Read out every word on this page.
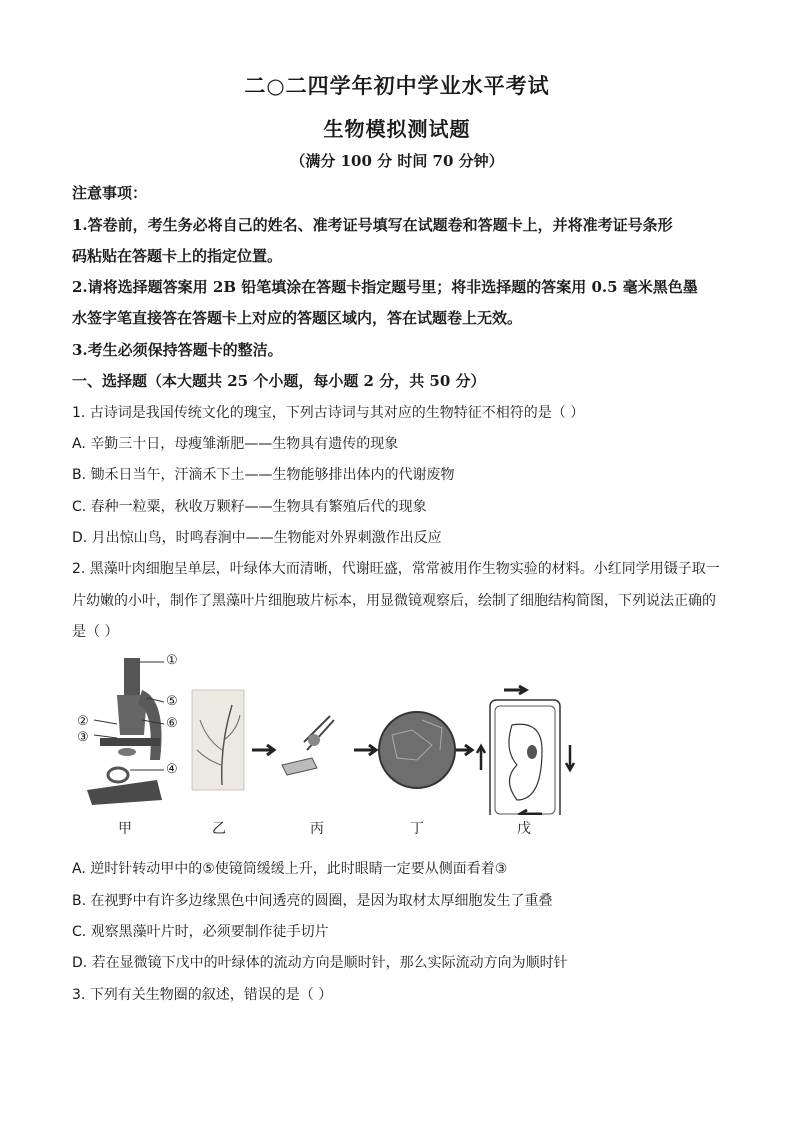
二○二四学年初中学业水平考试
生物模拟测试题
（满分 100 分 时间 70 分钟）
注意事项：
1.答卷前，考生务必将自己的姓名、准考证号填写在试题卷和答题卡上，并将准考证号条形
码粘贴在答题卡上的指定位置。
2.请将选择题答案用 2B 铅笔填涂在答题卡指定题号里；将非选择题的答案用 0.5 毫米黑色墨
水签字笔直接答在答题卡上对应的答题区域内，答在试题卷上无效。
3.考生必须保持答题卡的整洁。
一、选择题（本大题共 25 个小题，每小题 2 分，共 50 分）
1. 古诗词是我国传统文化的瑰宝，下列古诗词与其对应的生物特征不相符的是（ ）
A. 辛勤三十日，母瘦雏渐肥——生物具有遗传的现象
B. 锄禾日当午，汗滴禾下土——生物能够排出体内的代谢废物
C. 春种一粒粟，秋收万颗籽——生物具有繁殖后代的现象
D. 月出惊山鸟，时鸣春涧中——生物能对外界刺激作出反应
2. 黑藻叶肉细胞呈单层，叶绿体大而清晰，代谢旺盛，常常被用作生物实验的材料。小红同学用镊子取一
片幼嫩的小叶，制作了黑藻叶片细胞玻片标本，用显微镜观察后，绘制了细胞结构简图，下列说法正确的
是（ ）
①
②
③
④
⑤
⑥
甲	乙	丙	丁	戊
A. 逆时针转动甲中的⑤使镜筒缓缓上升，此时眼睛一定要从侧面看着③
B. 在视野中有许多边缘黑色中间透亮的圆圈，是因为取材太厚细胞发生了重叠
C. 观察黑藻叶片时，必须要制作徒手切片
D. 若在显微镜下戊中的叶绿体的流动方向是顺时针，那么实际流动方向为顺时针
3. 下列有关生物圈的叙述，错误的是（ ）
